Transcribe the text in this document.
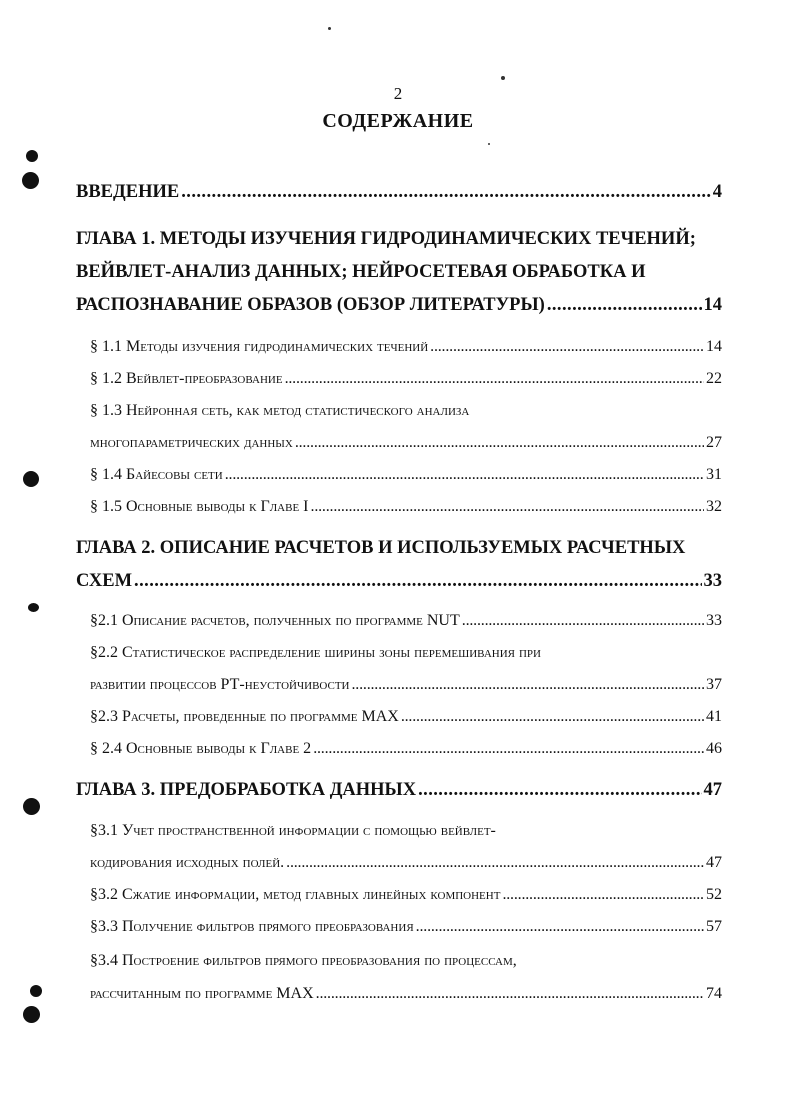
2
СОДЕРЖАНИЕ
ВВЕДЕНИЕ . . .	4
ГЛАВА 1. МЕТОДЫ ИЗУЧЕНИЯ ГИДРОДИНАМИЧЕСКИХ ТЕЧЕНИЙ;
ВЕЙВЛЕТ-АНАЛИЗ ДАННЫХ; НЕЙРОСЕТЕВАЯ ОБРАБОТКА И
РАСПОЗНАВАНИЕ ОБРАЗОВ (ОБЗОР ЛИТЕРАТУРЫ) . . .	14
§ 1.1 Методы изучения гидродинамических течений . . .	14
§ 1.2 Вейвлет-преобразование . . .	22
§ 1.3 Нейронная сеть, как метод статистического анализа
многопараметрических данных . . .	27
§ 1.4 Байесовы сети . . .	31
§ 1.5 Основные выводы к Главе I . . .	32
ГЛАВА 2. ОПИСАНИЕ РАСЧЕТОВ И ИСПОЛЬЗУЕМЫХ РАСЧЕТНЫХ
СХЕМ . . .	33
§2.1 Описание расчетов, полученных по программе NUT . . .	33
§2.2 Статистическое распределение ширины зоны перемешивания при
развитии процессов РТ-неустойчивости . . .	37
§2.3 Расчеты, проведенные по программе MAX . . .	41
§ 2.4 Основные выводы к Главе 2 . . .	46
ГЛАВА 3. ПРЕДОБРАБОТКА ДАННЫХ . . .	47
§3.1 Учет пространственной информации с помощью вейвлет-
кодирования исходных полей. . . .	47
§3.2 Сжатие информации, метод главных линейных компонент . . .	52
§3.3 Получение фильтров прямого преобразования . . .	57
§3.4 Построение фильтров прямого преобразования по процессам,
рассчитанным по программе MAX . . .	74
